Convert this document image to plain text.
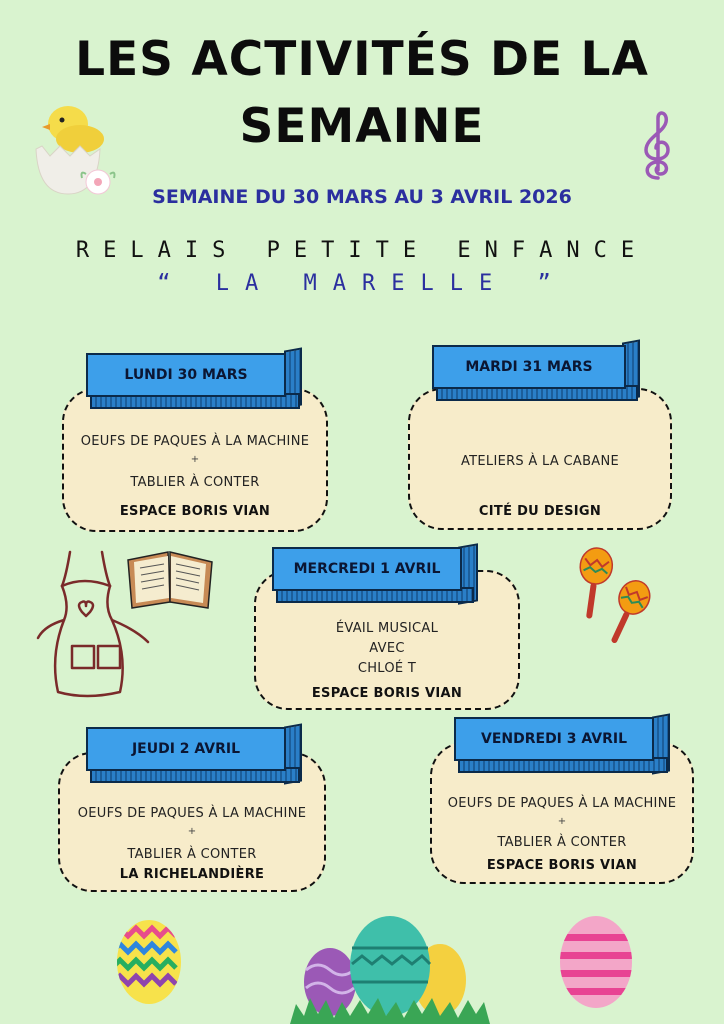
LES ACTIVITÉS DE LA
SEMAINE
SEMAINE DU 30 MARS AU 3 AVRIL 2026
RELAIS PETITE ENFANCE
“ LA MARELLE ”
OEUFS DE PAQUES À LA MACHINE
+
TABLIER À CONTER
ESPACE BORIS VIAN
LUNDI 30 MARS
ATELIERS À LA CABANE
CITÉ DU DESIGN
MARDI 31 MARS
ÉVAIL MUSICAL
AVEC
CHLOÉ T
ESPACE BORIS VIAN
MERCREDI 1 AVRIL
OEUFS DE PAQUES À LA MACHINE
+
TABLIER À CONTER
LA RICHELANDIÈRE
JEUDI 2 AVRIL
OEUFS DE PAQUES À LA MACHINE
+
TABLIER À CONTER
ESPACE BORIS VIAN
VENDREDI 3 AVRIL
